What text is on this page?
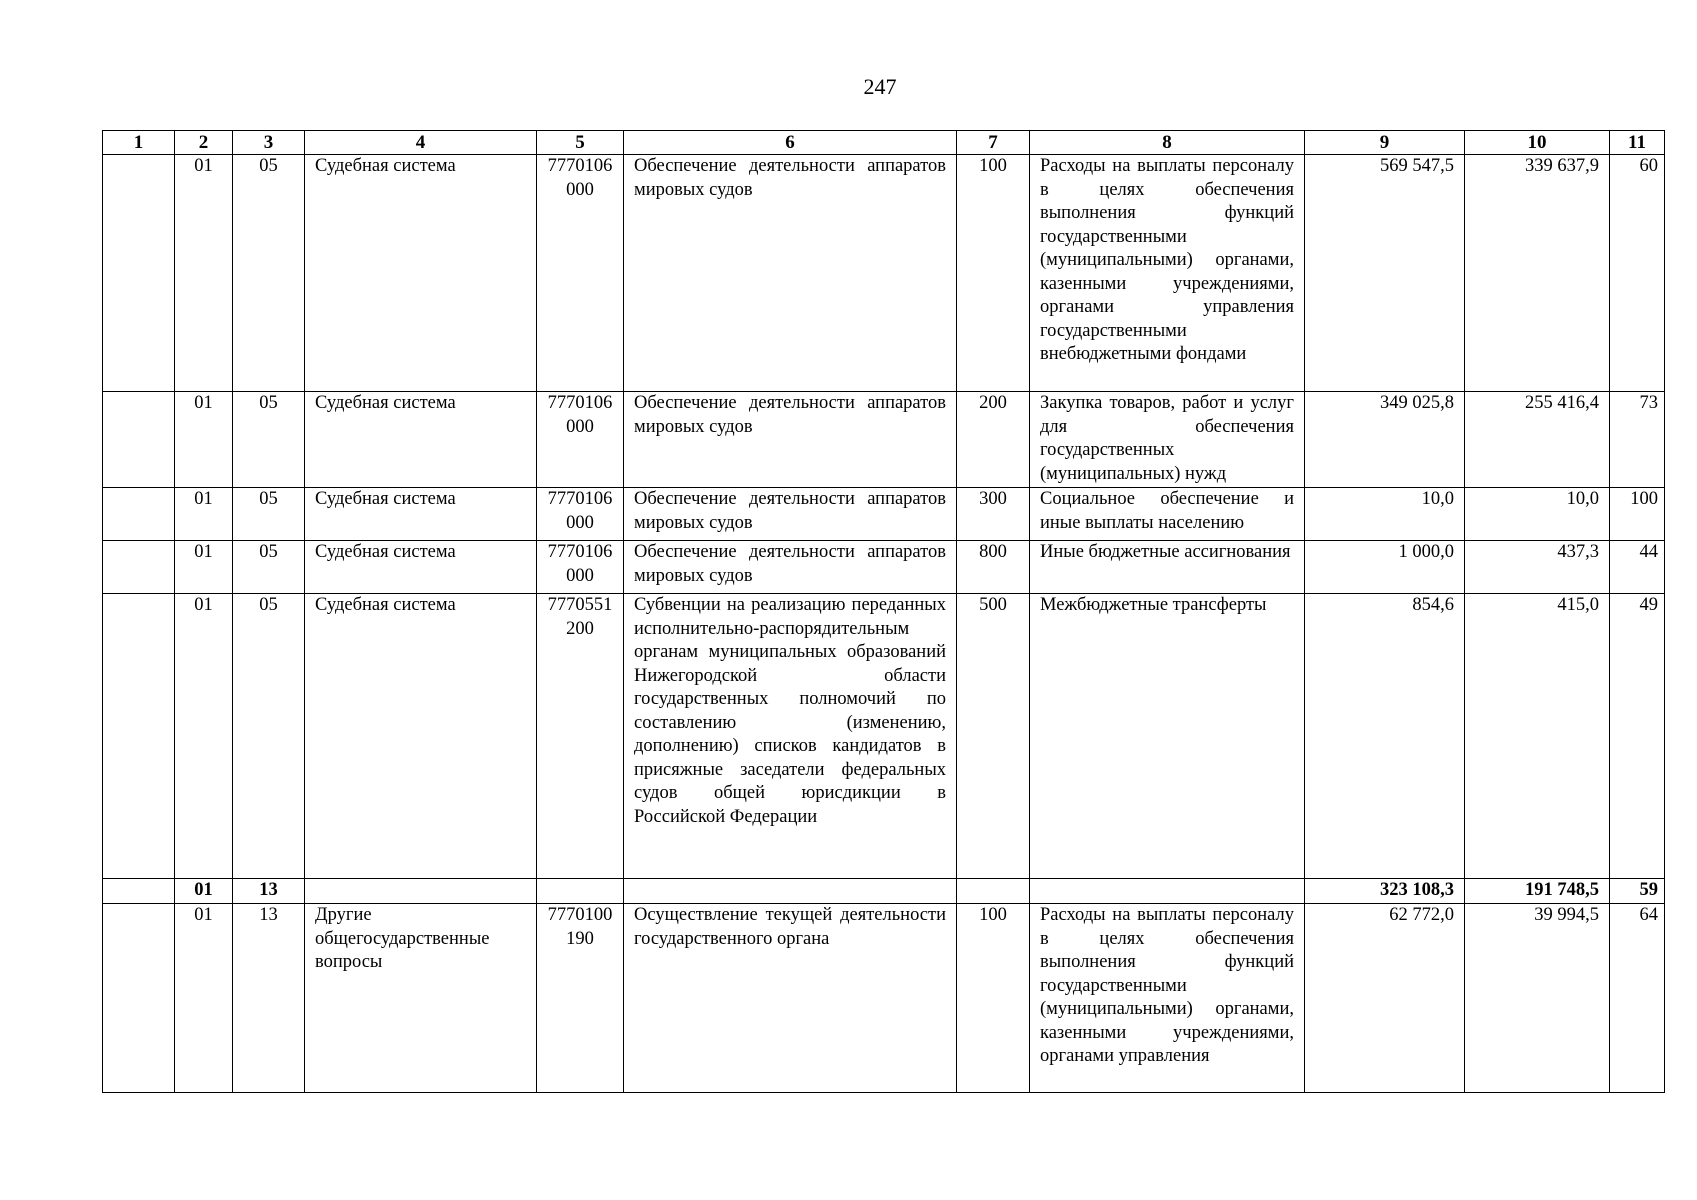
247
1	2	3	4	5	6	7	8	9	10	11
	01	05	Судебная система	7770106000	Обеспечение деятельности аппаратов мировых судов	100	Расходы на выплаты персоналу в целях обеспечения выполнения функций государственными (муниципальными) органами, казенными учреждениями, органами управления государственными внебюджетными фондами	569 547,5	339 637,9	60
	01	05	Судебная система	7770106000	Обеспечение деятельности аппаратов мировых судов	200	Закупка товаров, работ и услуг для обеспечения государственных (муниципальных) нужд	349 025,8	255 416,4	73
	01	05	Судебная система	7770106000	Обеспечение деятельности аппаратов мировых судов	300	Социальное обеспечение и иные выплаты населению	10,0	10,0	100
	01	05	Судебная система	7770106000	Обеспечение деятельности аппаратов мировых судов	800	Иные бюджетные ассигнования	1 000,0	437,3	44
	01	05	Судебная система	7770551200	Субвенции на реализацию переданных исполнительно-распорядительным органам муниципальных образований Нижегородской области государственных полномочий по составлению (изменению, дополнению) списков кандидатов в присяжные заседатели федеральных судов общей юрисдикции в Российской Федерации	500	Межбюджетные трансферты	854,6	415,0	49
	01	13						323 108,3	191 748,5	59
	01	13	Другие общегосударственные вопросы	7770100190	Осуществление текущей деятельности государственного органа	100	Расходы на выплаты персоналу в целях обеспечения выполнения функций государственными (муниципальными) органами, казенными учреждениями, органами управления	62 772,0	39 994,5	64
